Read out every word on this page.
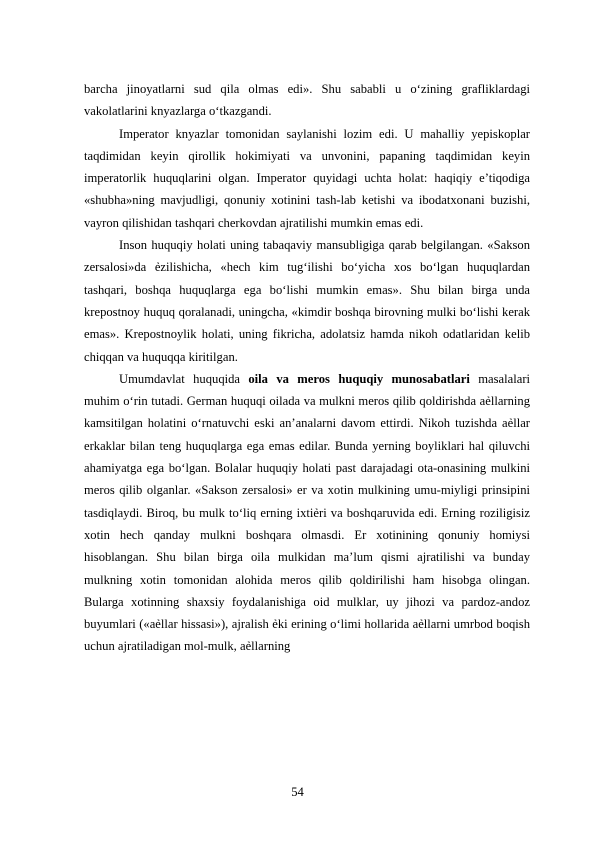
barcha jinoyatlarni sud qila olmas edi». Shu sababli u o‘zining grafliklardagi vakolatlarini knyazlarga o‘tkazgandi.

Imperator knyazlar tomonidan saylanishi lozim edi. U mahalliy yepiskoplar taqdimidan keyin qirollik hokimiyati va unvonini, papaning taqdimidan keyin imperatorlik huquqlarini olgan. Imperator quyidagi uchta holat: haqiqiy e’tiqodiga «shubha»ning mavjudligi, qonuniy xotinini tash-lab ketishi va ibodatxonani buzishi, vayron qilishidan tashqari cherkovdan ajratilishi mumkin emas edi.

Inson huquqiy holati uning tabaqaviy mansubligiga qarab belgilangan. «Sakson zersalosi»da ẻzilishicha, «hech kim tug‘ilishi bo‘yicha xos bo‘lgan huquqlardan tashqari, boshqa huquqlarga ega bo‘lishi mumkin emas». Shu bilan birga unda krepostnoy huquq qoralanadi, uningcha, «kimdir boshqa birovning mulki bo‘lishi kerak emas». Krepostnoylik holati, uning fikricha, adolatsiz hamda nikoh odatlaridan kelib chiqqan va huquqqa kiritilgan.

Umumdavlat huquqida oila va meros huquqiy munosabatlari masalalari muhim o‘rin tutadi. German huquqi oilada va mulkni meros qilib qoldirishda aẻllarning kamsitilgan holatini o‘rnatuvchi eski an’analarni davom ettirdi. Nikoh tuzishda aẻllar erkaklar bilan teng huquqlarga ega emas edilar. Bunda yerning boyliklari hal qiluvchi ahamiyatga ega bo‘lgan. Bolalar huquqiy holati past darajadagi ota-onasining mulkini meros qilib olganlar. «Sakson zersalosi» er va xotin mulkining umu-miyligi prinsipini tasdiqlaydi. Biroq, bu mulk to‘liq erning ixtiẻri va boshqaruvida edi. Erning roziligisiz xotin hech qanday mulkni boshqara olmasdi. Er xotinining qonuniy homiysi hisoblangan. Shu bilan birga oila mulkidan ma’lum qismi ajratilishi va bunday mulkning xotin tomonidan alohida meros qilib qoldirilishi ham hisobga olingan. Bularga xotinning shaxsiy foydalanishiga oid mulklar, uy jihozi va pardoz-andoz buyumlari («aẻllar hissasi»), ajralish ẻki erining o‘limi hollarida aẻllarni umrbod boqish uchun ajratiladigan mol-mulk, aẻllarning

54
